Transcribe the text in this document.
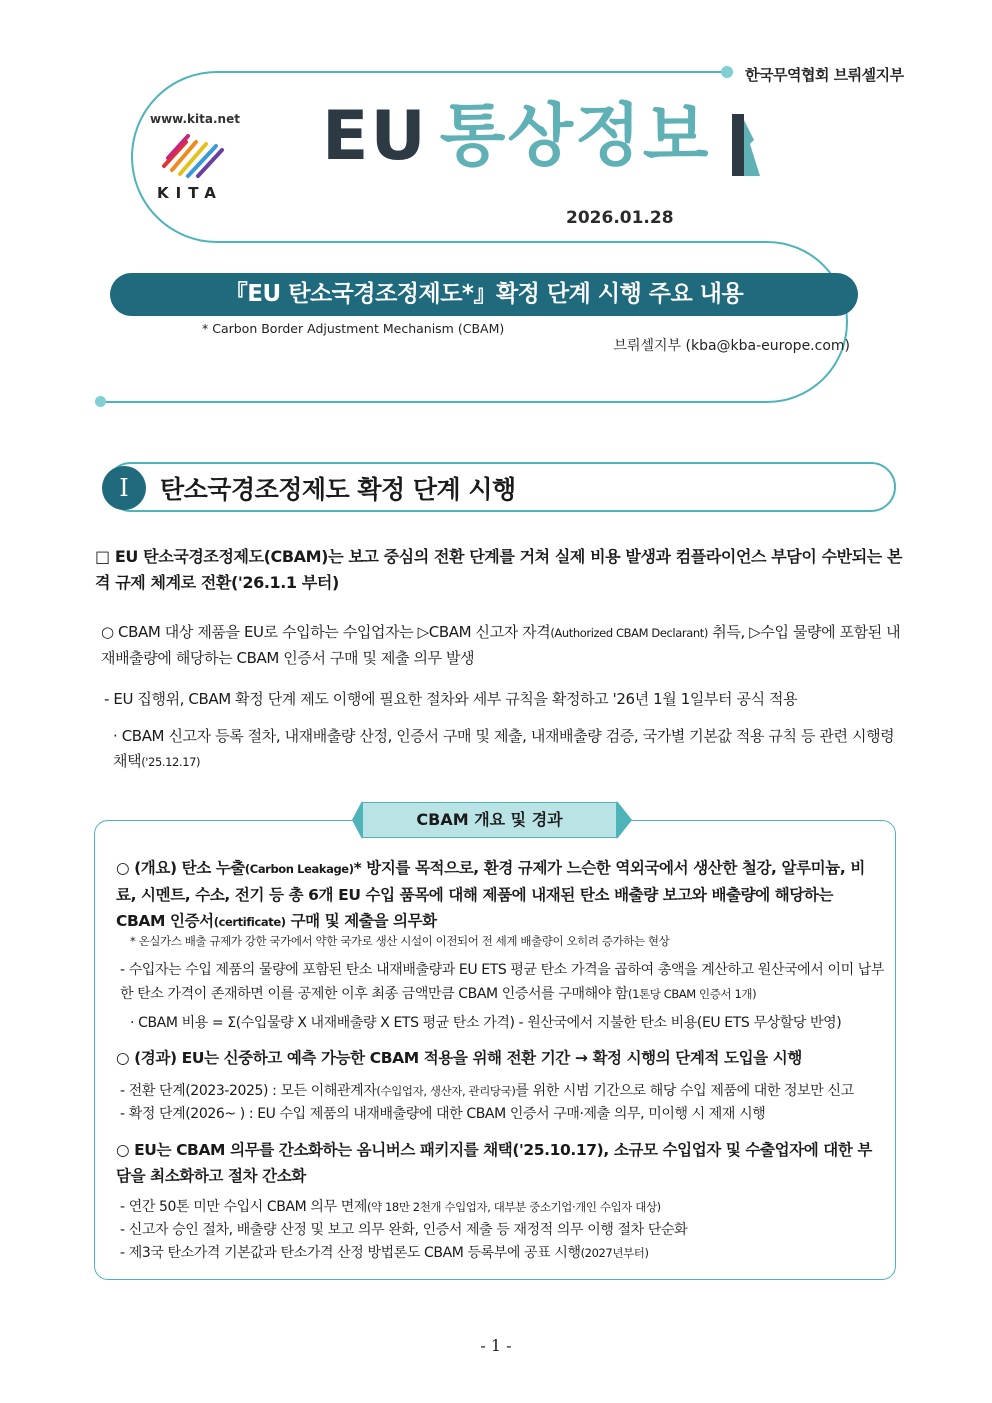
한국무역협회 브뤼셀지부
www.kita.net
KITA
EU 통상정보
2026.01.28
『EU 탄소국경조정제도*』확정 단계 시행 주요 내용
* Carbon Border Adjustment Mechanism (CBAM)
브뤼셀지부 (kba@kba-europe.com)
Ⅰ	탄소국경조정제도 확정 단계 시행
□ EU 탄소국경조정제도(CBAM)는 보고 중심의 전환 단계를 거쳐 실제 비용 발생과 컴플라이언스 부담이 수반되는 본격 규제 체계로 전환('26.1.1 부터)
○ CBAM 대상 제품을 EU로 수입하는 수입업자는 ▷CBAM 신고자 자격(Authorized CBAM Declarant) 취득, ▷수입 물량에 포함된 내재배출량에 해당하는 CBAM 인증서 구매 및 제출 의무 발생
- EU 집행위, CBAM 확정 단계 제도 이행에 필요한 절차와 세부 규칙을 확정하고 '26년 1월 1일부터 공식 적용
· CBAM 신고자 등록 절차, 내재배출량 산정, 인증서 구매 및 제출, 내재배출량 검증, 국가별 기본값 적용 규칙 등 관련 시행령 채택('25.12.17)
CBAM 개요 및 경과
○ (개요) 탄소 누출(Carbon Leakage)* 방지를 목적으로, 환경 규제가 느슨한 역외국에서 생산한 철강, 알루미늄, 비료, 시멘트, 수소, 전기 등 총 6개 EU 수입 품목에 대해 제품에 내재된 탄소 배출량 보고와 배출량에 해당하는 CBAM 인증서(certificate) 구매 및 제출을 의무화
* 온실가스 배출 규제가 강한 국가에서 약한 국가로 생산 시설이 이전되어 전 세계 배출량이 오히려 증가하는 현상
- 수입자는 수입 제품의 물량에 포함된 탄소 내재배출량과 EU ETS 평균 탄소 가격을 곱하여 총액을 계산하고 원산국에서 이미 납부한 탄소 가격이 존재하면 이를 공제한 이후 최종 금액만큼 CBAM 인증서를 구매해야 함(1톤당 CBAM 인증서 1개)
· CBAM 비용 = Σ(수입물량 X 내재배출량 X ETS 평균 탄소 가격) - 원산국에서 지불한 탄소 비용(EU ETS 무상할당 반영)
○ (경과) EU는 신중하고 예측 가능한 CBAM 적용을 위해 전환 기간 → 확정 시행의 단계적 도입을 시행
- 전환 단계(2023-2025) : 모든 이해관계자(수입업자, 생산자, 관리당국)를 위한 시범 기간으로 해당 수입 제품에 대한 정보만 신고
- 확정 단계(2026~ ) : EU 수입 제품의 내재배출량에 대한 CBAM 인증서 구매·제출 의무, 미이행 시 제재 시행
○ EU는 CBAM 의무를 간소화하는 옴니버스 패키지를 채택('25.10.17), 소규모 수입업자 및 수출업자에 대한 부담을 최소화하고 절차 간소화
- 연간 50톤 미만 수입시 CBAM 의무 면제(약 18만 2천개 수입업자, 대부분 중소기업·개인 수입자 대상)
- 신고자 승인 절차, 배출량 산정 및 보고 의무 완화, 인증서 제출 등 재정적 의무 이행 절차 단순화
- 제3국 탄소가격 기본값과 탄소가격 산정 방법론도 CBAM 등록부에 공표 시행(2027년부터)
- 1 -
